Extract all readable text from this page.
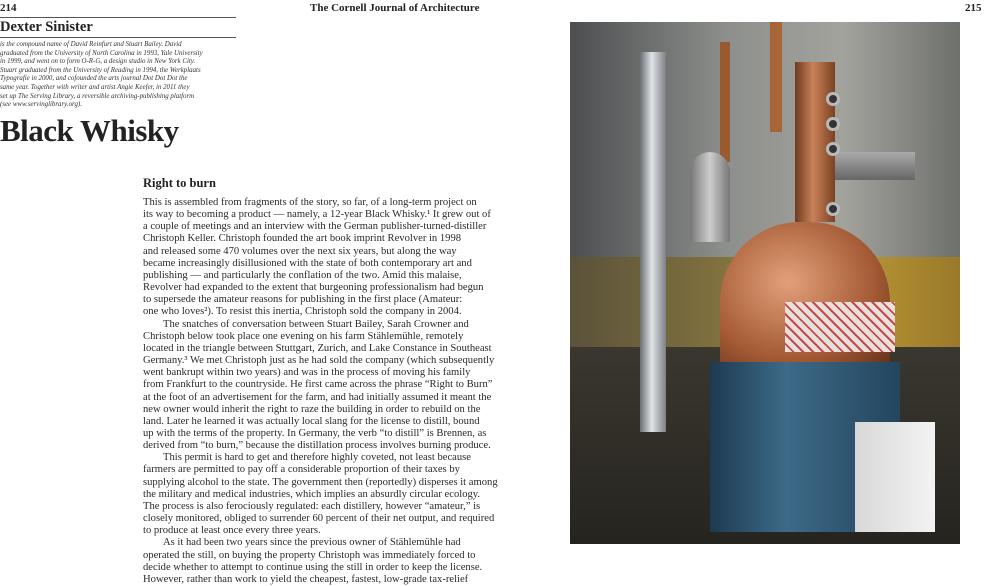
214	The Cornell Journal of Architecture	215
Dexter Sinister
is the compound name of David Reinfurt and Stuart Bailey. David
graduated from the University of North Carolina in 1993, Yale University
in 1999, and went on to form O-R-G, a design studio in New York City.
Stuart graduated from the University of Reading in 1994, the Werkplaats
Typografie in 2000, and cofounded the arts journal Dot Dot Dot the
same year. Together with writer and artist Angie Keefer, in 2011 they
set up The Serving Library, a reversible archiving-publishing platform
(see www.servinglibrary.org).
Black Whisky
Right to burn
This is assembled from fragments of the story, so far, of a long-term project on
its way to becoming a product — namely, a 12-year Black Whisky.¹ It grew out of
a couple of meetings and an interview with the German publisher-turned-distiller
Christoph Keller. Christoph founded the art book imprint Revolver in 1998
and released some 470 volumes over the next six years, but along the way
became increasingly disillusioned with the state of both contemporary art and
publishing — and particularly the conflation of the two. Amid this malaise,
Revolver had expanded to the extent that burgeoning professionalism had begun
to supersede the amateur reasons for publishing in the first place (Amateur:
one who loves²). To resist this inertia, Christoph sold the company in 2004.
The snatches of conversation between Stuart Bailey, Sarah Crowner and
Christoph below took place one evening on his farm Stählemühle, remotely
located in the triangle between Stuttgart, Zurich, and Lake Constance in Southeast
Germany.³ We met Christoph just as he had sold the company (which subsequently
went bankrupt within two years) and was in the process of moving his family
from Frankfurt to the countryside. He first came across the phrase “Right to Burn”
at the foot of an advertisement for the farm, and had initially assumed it meant the
new owner would inherit the right to raze the building in order to rebuild on the
land. Later he learned it was actually local slang for the license to distill, bound
up with the terms of the property. In Germany, the verb “to distill” is Brennen, as
derived from “to burn,” because the distillation process involves burning produce.
This permit is hard to get and therefore highly coveted, not least because
farmers are permitted to pay off a considerable proportion of their taxes by
supplying alcohol to the state. The government then (reportedly) disperses it among
the military and medical industries, which implies an absurdly circular ecology.
The process is also ferociously regulated: each distillery, however “amateur,” is
closely monitored, obliged to surrender 60 percent of their net output, and required
to produce at least once every three years.
As it had been two years since the previous owner of Stählemühle had
operated the still, on buying the property Christoph was immediately forced to
decide whether to attempt to continue using the still in order to keep the license.
However, rather than work to yield the cheapest, fastest, low-grade tax-relief
